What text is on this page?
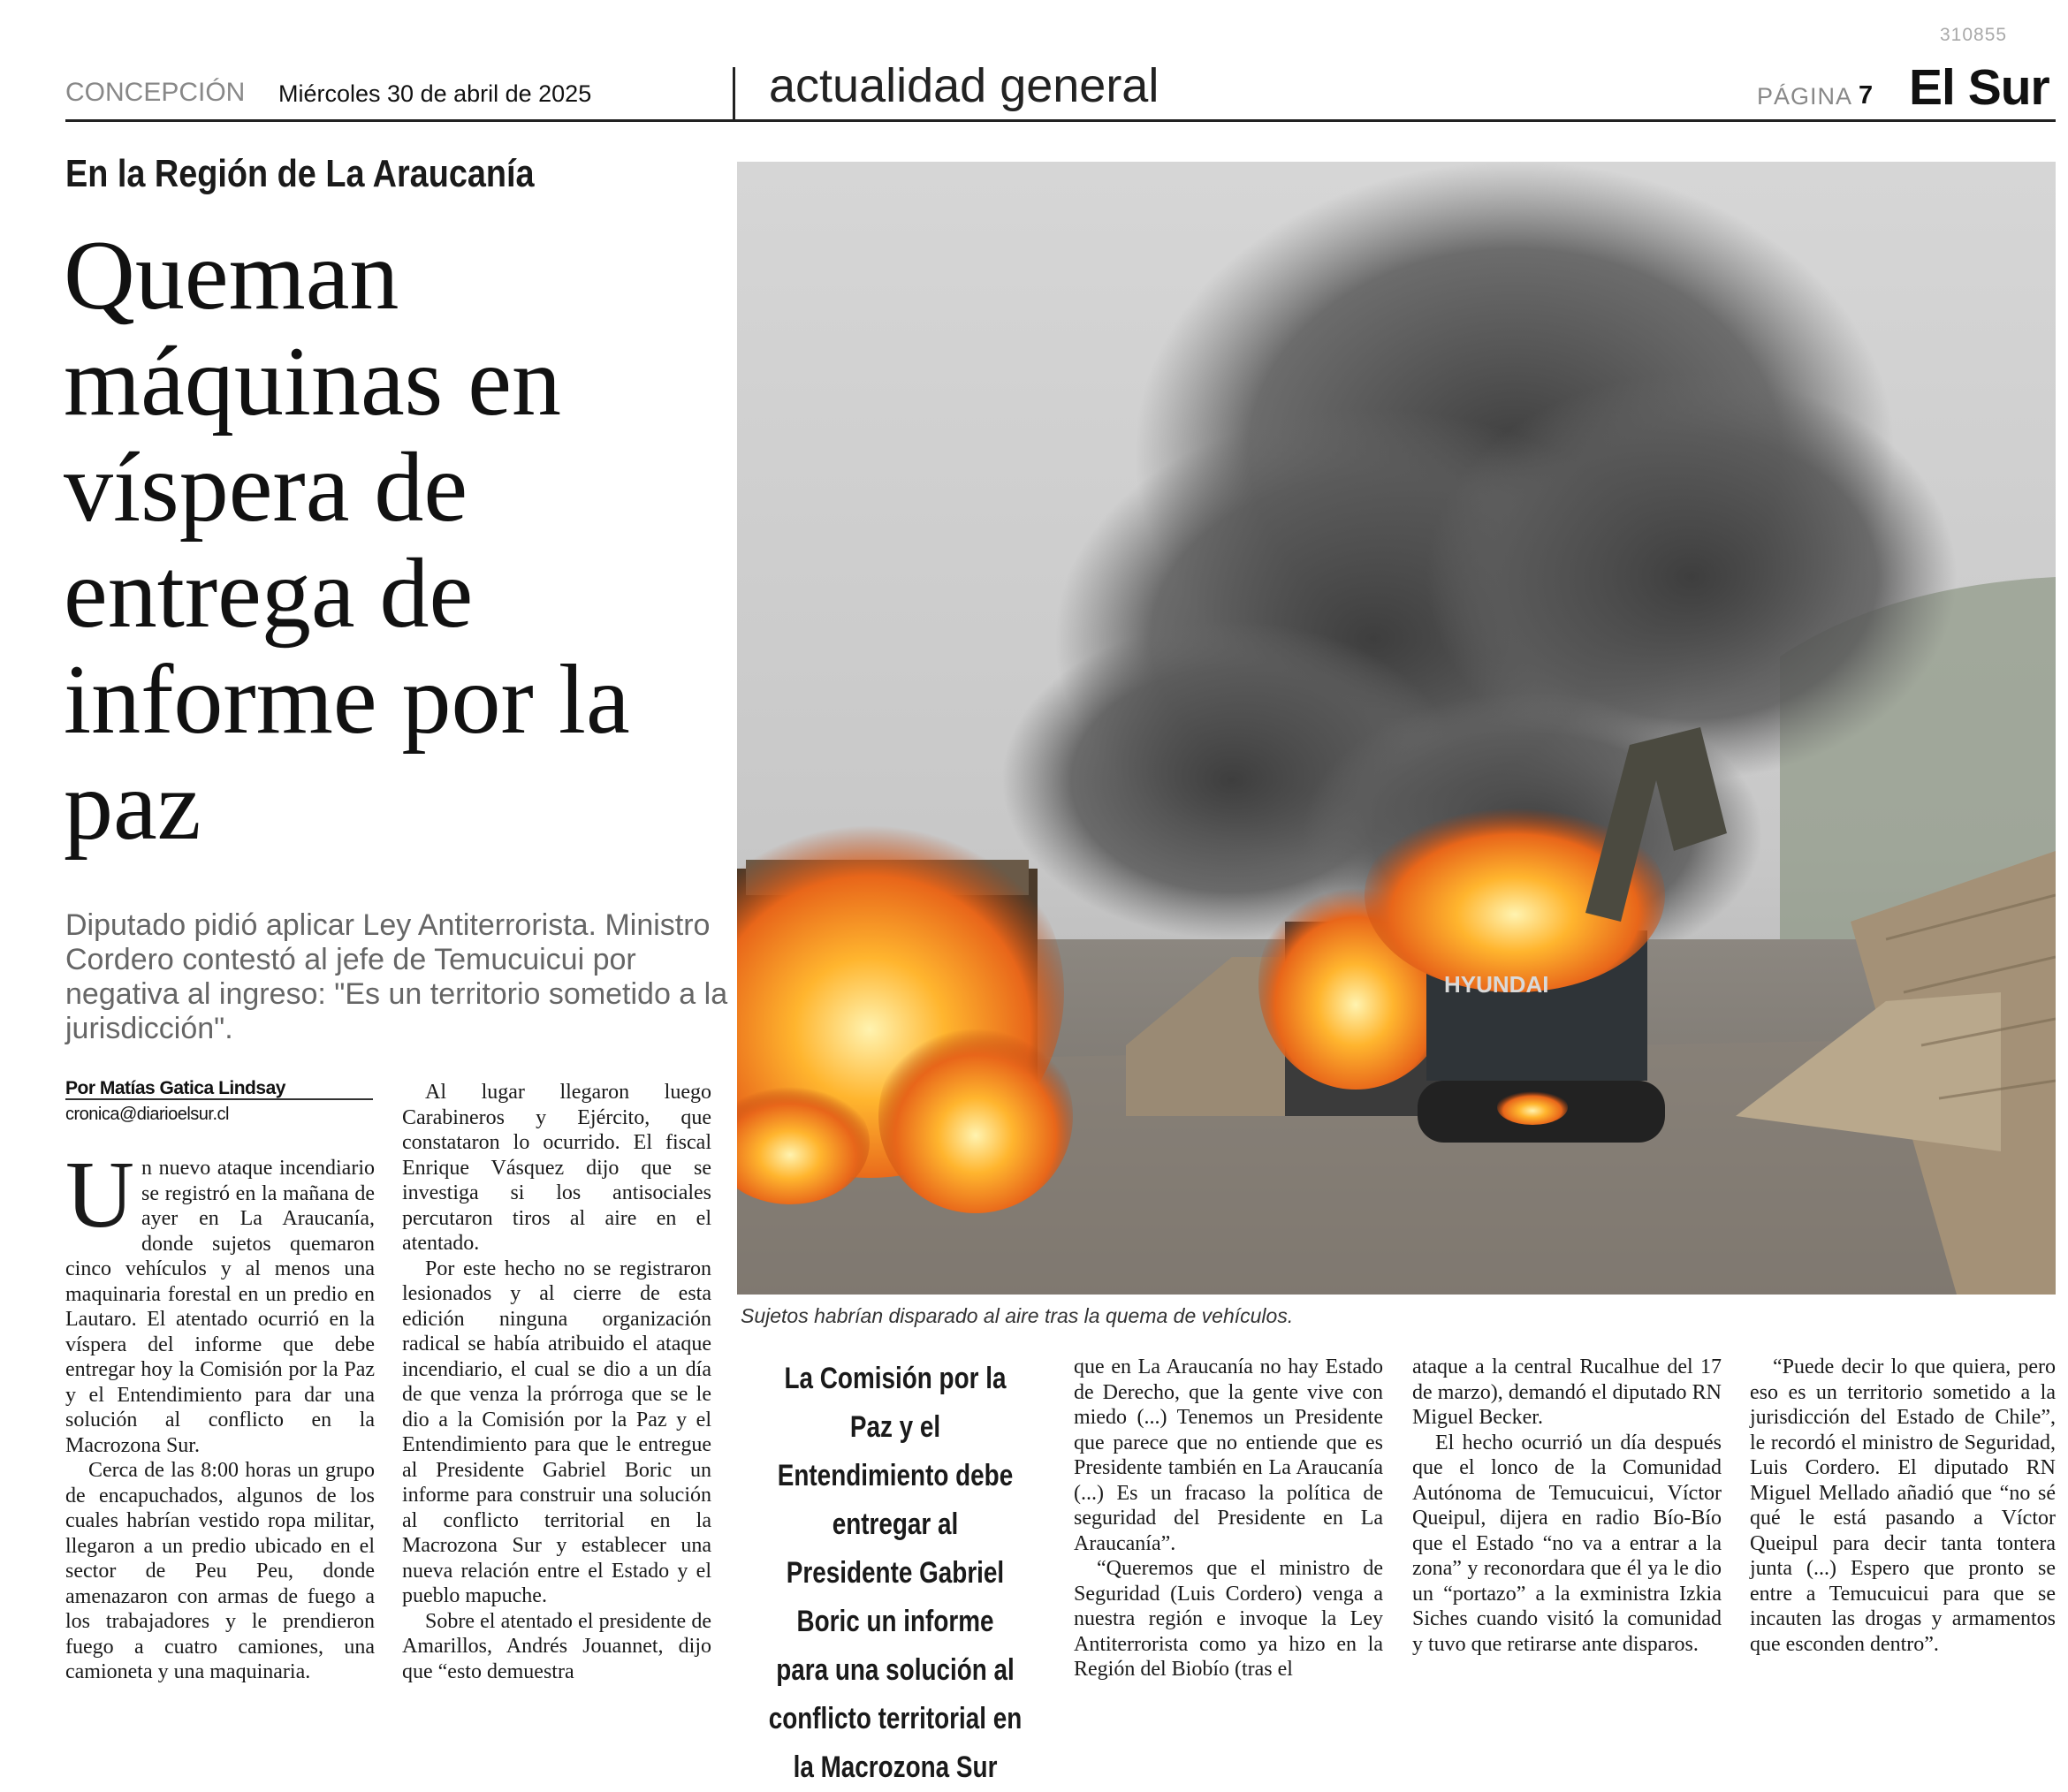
310855
CONCEPCIÓN Miércoles 30 de abril de 2025	actualidad general	PÁGINA 7 El Sur
En la Región de La Araucanía
Queman máquinas en víspera de entrega de informe por la paz

Diputado pidió aplicar Ley Antiterrorista. Ministro Cordero contestó al jefe de Temucuicui por negativa al ingreso: "Es un territorio sometido a la jurisdicción".

HYUNDAI
Sujetos habrían disparado al aire tras la quema de vehículos.
Por Matías Gatica Lindsay
cronica@diarioelsur.cl

Un nuevo ataque incendiario se registró en la mañana de ayer en La Araucanía, donde sujetos quemaron cinco vehículos y al menos una maquinaria forestal en un predio en Lautaro. El atentado ocurrió en la víspera del informe que debe entregar hoy la Comisión por la Paz y el Entendimiento para dar una solución al conflicto en la Macrozona Sur.

Cerca de las 8:00 horas un grupo de encapuchados, algunos de los cuales habrían vestido ropa militar, llegaron a un predio ubicado en el sector de Peu Peu, donde amenazaron con armas de fuego a los trabajadores y le prendieron fuego a cuatro camiones, una camioneta y una maquinaria.

Al lugar llegaron luego Carabineros y Ejército, que constataron lo ocurrido. El fiscal Enrique Vásquez dijo que se investiga si los antisociales percutaron tiros al aire en el atentado.

Por este hecho no se registraron lesionados y al cierre de esta edición ninguna organización radical se había atribuido el ataque incendiario, el cual se dio a un día de que venza la prórroga que se le dio a la Comisión por la Paz y el Entendimiento para que le entregue al Presidente Gabriel Boric un informe para construir una solución al conflicto territorial en la Macrozona Sur y establecer una nueva relación entre el Estado y el pueblo mapuche.

Sobre el atentado el presidente de Amarillos, Andrés Jouannet, dijo que “esto demuestra

La Comisión por la Paz y el Entendimiento debe entregar al Presidente Gabriel Boric un informe para una solución al conflicto territorial en la Macrozona Sur

que en La Araucanía no hay Estado de Derecho, que la gente vive con miedo (...) Tenemos un Presidente que parece que no entiende que es Presidente también en La Araucanía (...) Es un fracaso la política de seguridad del Presidente en La Araucanía”.

“Queremos que el ministro de Seguridad (Luis Cordero) venga a nuestra región e invoque la Ley Antiterrorista como ya hizo en la Región del Biobío (tras el

ataque a la central Rucalhue del 17 de marzo), demandó el diputado RN Miguel Becker.

El hecho ocurrió un día después que el lonco de la Comunidad Autónoma de Temucuicui, Víctor Queipul, dijera en radio Bío-Bío que el Estado “no va a entrar a la zona” y reconordara que él ya le dio un “portazo” a la exministra Izkia Siches cuando visitó la comunidad y tuvo que retirarse ante disparos.

“Puede decir lo que quiera, pero eso es un territorio sometido a la jurisdicción del Estado de Chile”, le recordó el ministro de Seguridad, Luis Cordero. El diputado RN Miguel Mellado añadió que “no sé qué le está pasando a Víctor Queipul para decir tanta tontera junta (...) Espero que pronto se entre a Temucuicui para que se incauten las drogas y armamentos que esconden dentro”.
